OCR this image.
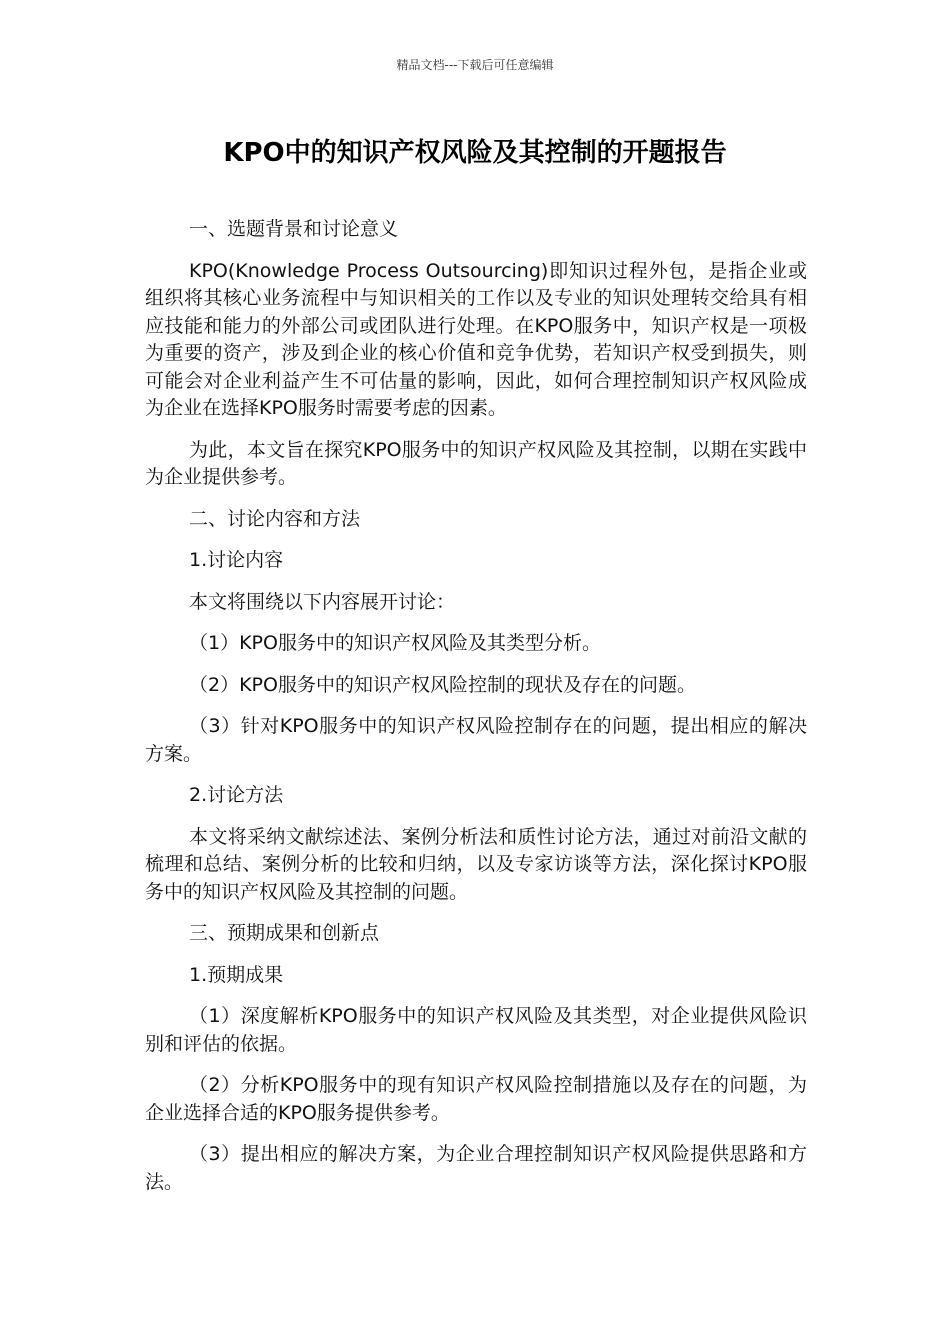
精品文档---下载后可任意编辑
KPO中的知识产权风险及其控制的开题报告

一、选题背景和讨论意义

KPO(Knowledge Process Outsourcing)即知识过程外包，是指企业或组织将其核心业务流程中与知识相关的工作以及专业的知识处理转交给具有相应技能和能力的外部公司或团队进行处理。在KPO服务中，知识产权是一项极为重要的资产，涉及到企业的核心价值和竞争优势，若知识产权受到损失，则可能会对企业利益产生不可估量的影响，因此，如何合理控制知识产权风险成为企业在选择KPO服务时需要考虑的因素。

为此，本文旨在探究KPO服务中的知识产权风险及其控制，以期在实践中为企业提供参考。

二、讨论内容和方法

1.讨论内容

本文将围绕以下内容展开讨论：

（1）KPO服务中的知识产权风险及其类型分析。

（2）KPO服务中的知识产权风险控制的现状及存在的问题。

（3）针对KPO服务中的知识产权风险控制存在的问题，提出相应的解决方案。

2.讨论方法

本文将采纳文献综述法、案例分析法和质性讨论方法，通过对前沿文献的梳理和总结、案例分析的比较和归纳，以及专家访谈等方法，深化探讨KPO服务中的知识产权风险及其控制的问题。

三、预期成果和创新点

1.预期成果

（1）深度解析KPO服务中的知识产权风险及其类型，对企业提供风险识别和评估的依据。

（2）分析KPO服务中的现有知识产权风险控制措施以及存在的问题，为企业选择合适的KPO服务提供参考。

（3）提出相应的解决方案，为企业合理控制知识产权风险提供思路和方法。
